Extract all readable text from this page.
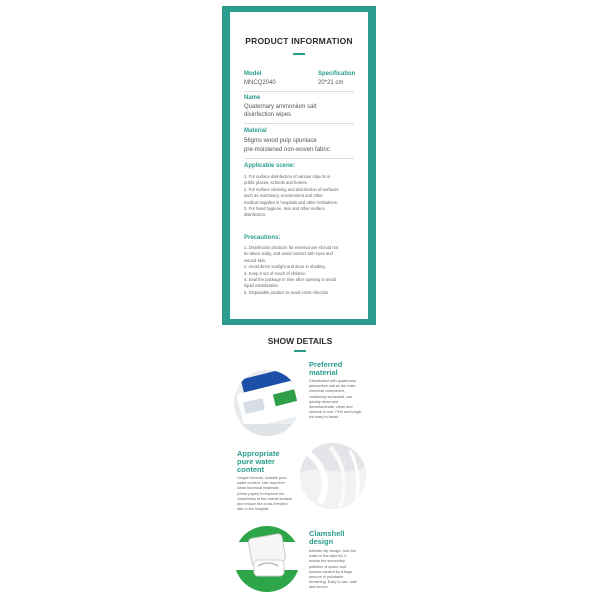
PRODUCT INFORMATION
Model
MNCQ2040
Specification
20*21 cm
Name
Quaternary ammonium salt
disinfection wipes
Material
56gms wood pulp spunlace
pre-moistened non-woven fabric
Applicable scene:
1. For surface disinfection of various objects in
public places, schools and homes.
2. For surface cleaning and disinfection of surfaces
such as machinery, environment and other
medical supplies in hospitals and other institutions.
3. For hand hygiene, skin and other surface
disinfection.
Precautions:
1. Disinfection products for external use should not
be taken orally, and avoid contact with eyes and
wound skin.
2. Avoid direct sunlight and store in shading.
3. Keep it out of reach of children.
4. Seal the package in time after opening to avoid
liquid volatilization.
5. Disposable product to avoid cross infection.
SHOW DETAILS
Preferred
material
Disinfectant with quaternary
ammonium salt as the main
chemical component,
containing surfactant, can
quickly clean and
decontaminate, clean and
sterilize in one. Firm and tough,
not easy to break.
Appropriate
pure water
content
Unique formula, suitable pure
water content. Use dust-free
clean technical materials
(clean paper) to improve the
cleanliness of the overall surface
and reduce the cross infection
rate in the hospital.
Clamshell
design
Intimate flip design, lock the
water in the wipe lid, it
avoids the secondary
pollution of space and
surface caused by a large
amount of pollutants
remaining. Easy to use, safe
and secure.
